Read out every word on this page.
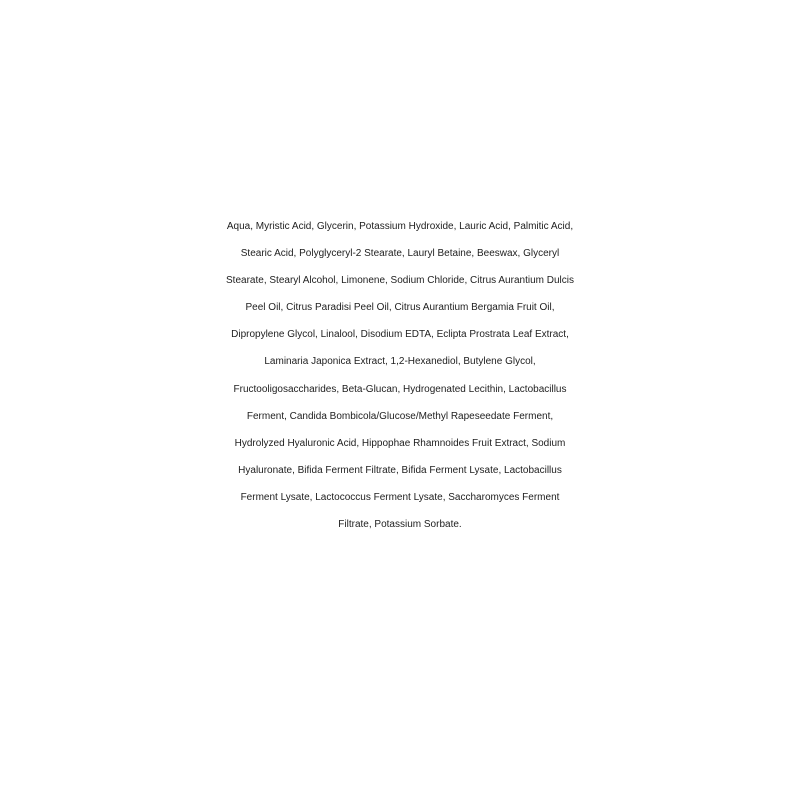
Aqua, Myristic Acid, Glycerin, Potassium Hydroxide, Lauric Acid, Palmitic Acid,
Stearic Acid, Polyglyceryl-2 Stearate, Lauryl Betaine, Beeswax, Glyceryl
Stearate, Stearyl Alcohol, Limonene, Sodium Chloride, Citrus Aurantium Dulcis
Peel Oil, Citrus Paradisi Peel Oil, Citrus Aurantium Bergamia Fruit Oil,
Dipropylene Glycol, Linalool, Disodium EDTA, Eclipta Prostrata Leaf Extract,
Laminaria Japonica Extract, 1,2-Hexanediol, Butylene Glycol,
Fructooligosaccharides, Beta-Glucan, Hydrogenated Lecithin, Lactobacillus
Ferment, Candida Bombicola/Glucose/Methyl Rapeseedate Ferment,
Hydrolyzed Hyaluronic Acid, Hippophae Rhamnoides Fruit Extract, Sodium
Hyaluronate, Bifida Ferment Filtrate, Bifida Ferment Lysate, Lactobacillus
Ferment Lysate, Lactococcus Ferment Lysate, Saccharomyces Ferment
Filtrate, Potassium Sorbate.
